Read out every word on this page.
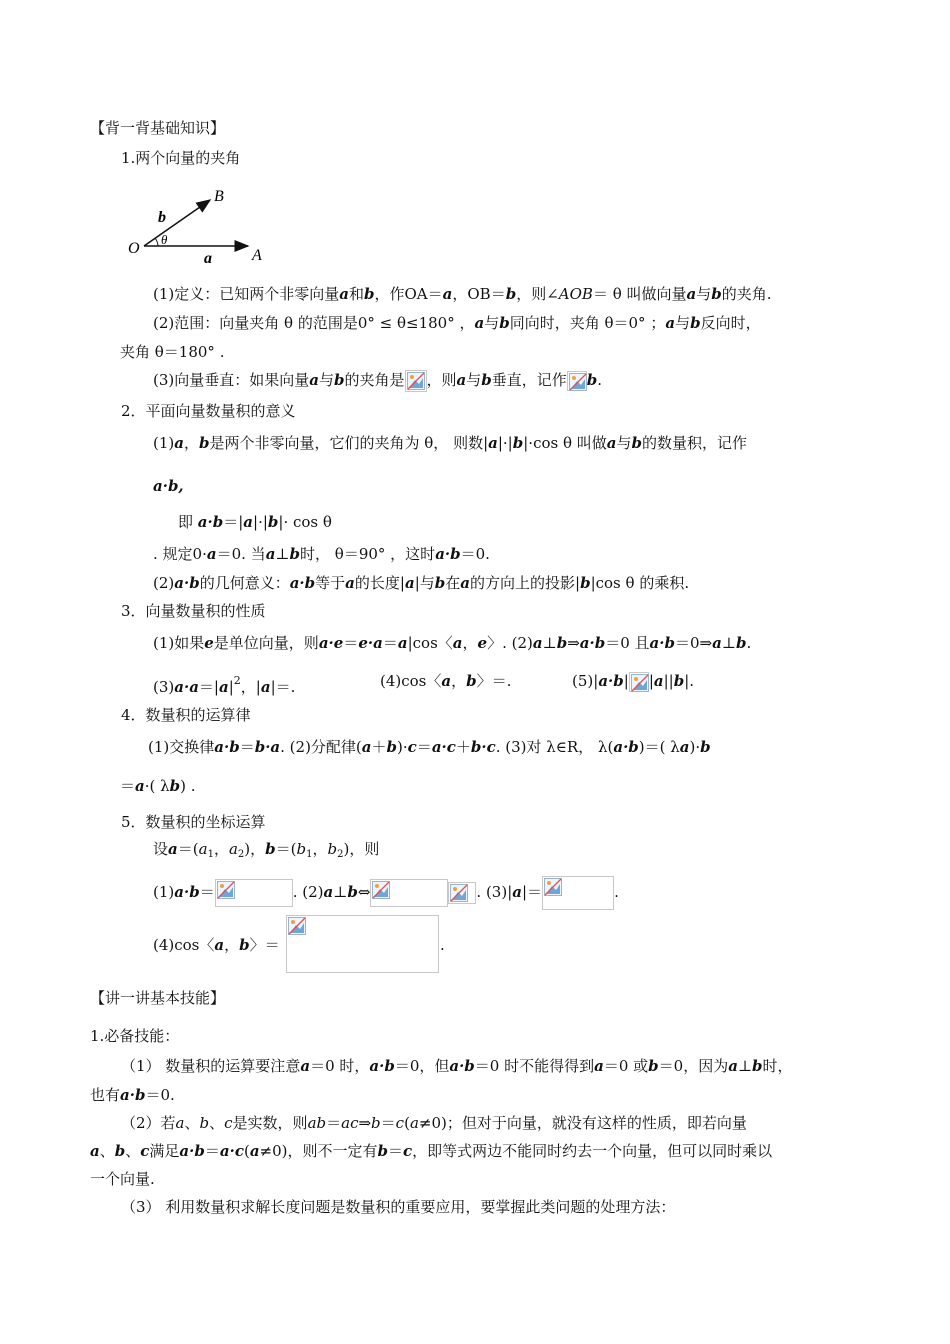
【背一背基础知识】
1.两个向量的夹角
B
O	A
b
a
θ
(1)定义：已知两个非零向量a和b，作OA＝a，OB＝b，则∠AOB＝ θ 叫做向量a与b的夹角.
(2)范围：向量夹角 θ 的范围是0° ≤ θ≤180° ，a与b同向时，夹角 θ＝0° ；a与b反向时，
夹角 θ＝180° .
(3)向量垂直：如果向量a与b的夹角是 ，则a与b垂直，记作 b.
2．平面向量数量积的意义
(1)a，b是两个非零向量，它们的夹角为 θ， 则数|a|·|b|·cos θ 叫做a与b的数量积，记作
a·b,
即 a·b＝|a|·|b|· cos θ
. 规定0·a＝0. 当a⊥b时， θ＝90° ，这时a·b＝0.
(2)a·b的几何意义：a·b等于a的长度|a|与b在a的方向上的投影|b|cos θ 的乘积.
3．向量数量积的性质
(1)如果e是单位向量，则a·e＝e·a＝a|cos〈a，e〉. (2)a⊥b⇒a·b＝0 且a·b＝0⇒a⊥b.
$(3)a\cdot a=|a|^2$，|a|＝.	(4)cos〈a，b〉＝.	(5)|a·b| |a||b|.
4．数量积的运算律
(1)交换律a·b＝b·a. (2)分配律(a＋b)·c＝a·c＋b·c. (3)对 λ∈R， λ(a·b)＝( λa)·b
＝a·( λb) .
5．数量积的坐标运算
设$a=(a_1$，$a_2$)，$b=(b_1$，$b_2$)，则
(1)a·b＝	. (2)a⊥b⇔	. (3)|a|＝	.
(4)cos〈a，b〉＝	.
【讲一讲基本技能】
1.必备技能：
（1） 数量积的运算要注意a＝0 时，a·b＝0，但a·b＝0 时不能得得到a＝0 或b＝0，因为a⊥b时，
也有a·b＝0.
（2）若a、b、c是实数，则ab＝ac⇒b＝c(a≠0)；但对于向量，就没有这样的性质，即若向量
a、b、c满足a·b＝a·c(a≠0)，则不一定有b＝c，即等式两边不能同时约去一个向量，但可以同时乘以
一个向量.
（3） 利用数量积求解长度问题是数量积的重要应用，要掌握此类问题的处理方法：
